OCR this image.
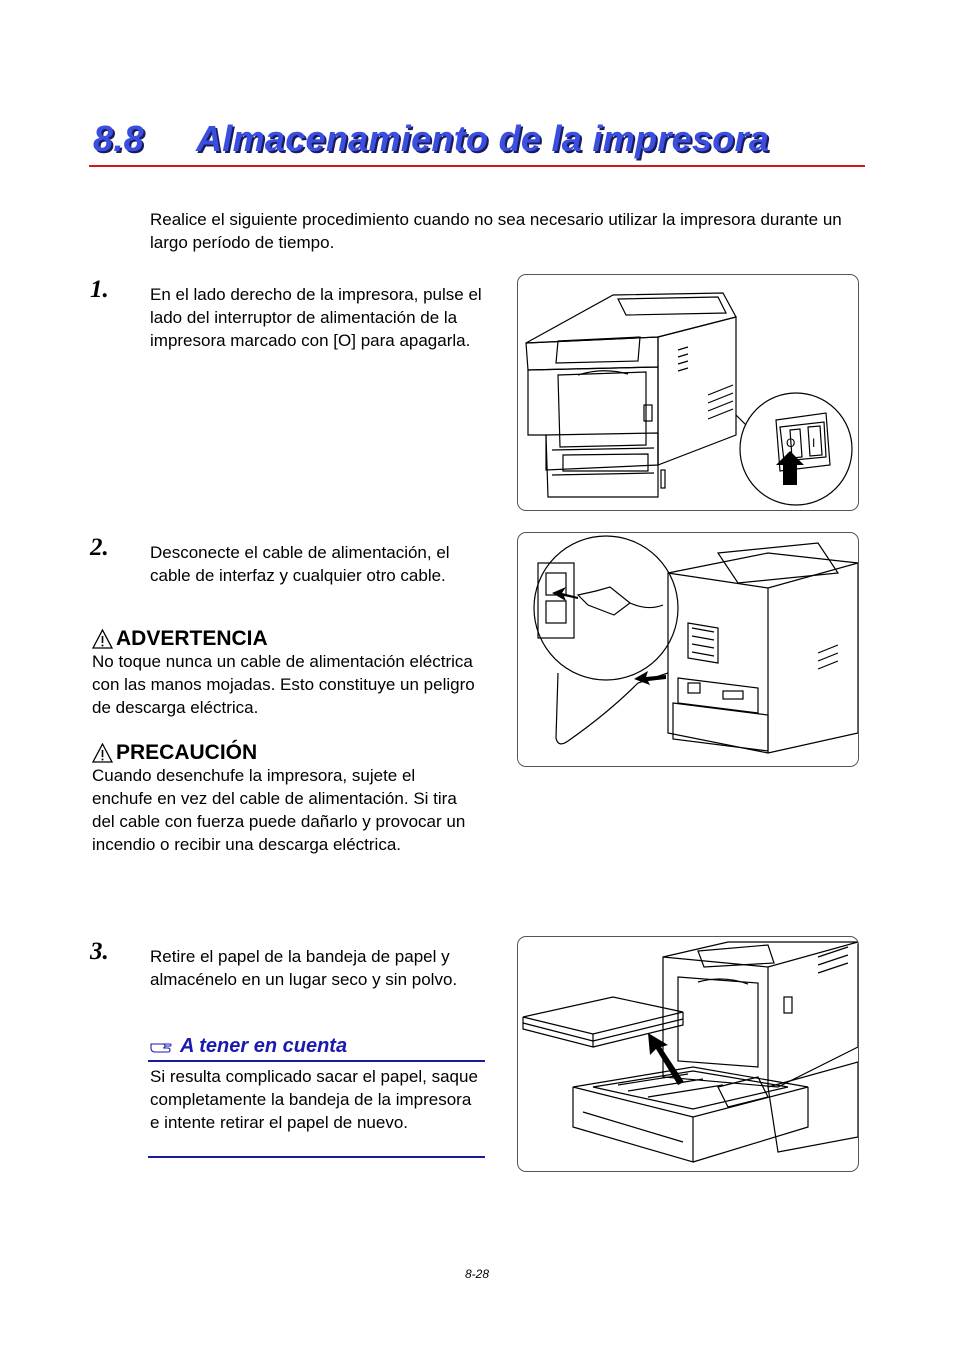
8.8 Almacenamiento de la impresora
Realice el siguiente procedimiento cuando no sea necesario utilizar la impresora durante un largo período de tiempo.
1. En el lado derecho de la impresora, pulse el lado del interruptor de alimentación de la impresora marcado con [O] para apagarla.
O I
2. Desconecte el cable de alimentación, el cable de interfaz y cualquier otro cable.
ADVERTENCIA
No toque nunca un cable de alimentación eléctrica con las manos mojadas. Esto constituye un peligro de descarga eléctrica.
PRECAUCIÓN
Cuando desenchufe la impresora, sujete el enchufe en vez del cable de alimentación. Si tira del cable con fuerza puede dañarlo y provocar un incendio o recibir una descarga eléctrica.
3. Retire el papel de la bandeja de papel y almacénelo en un lugar seco y sin polvo.
A tener en cuenta
Si resulta complicado sacar el papel, saque completamente la bandeja de la impresora e intente retirar el papel de nuevo.
8-28
